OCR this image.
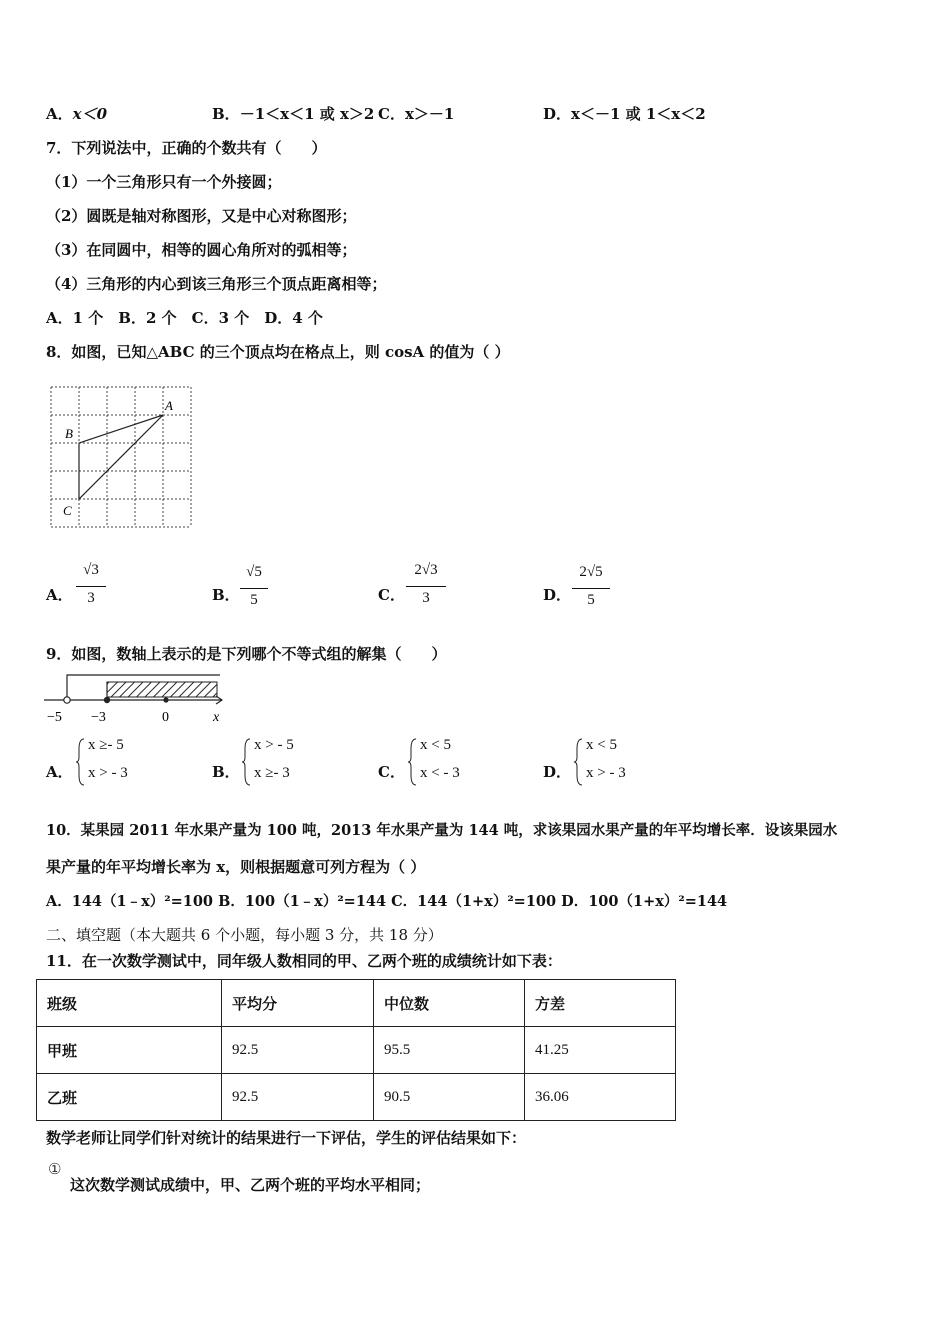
A．x＜0	B．－1＜x＜1 或 x＞2 C．x＞－1	D．x＜－1 或 1＜x＜2
7．下列说法中，正确的个数共有（　　）
（1）一个三角形只有一个外接圆；
（2）圆既是轴对称图形，又是中心对称图形；
（3）在同圆中，相等的圆心角所对的弧相等；
（4）三角形的内心到该三角形三个顶点距离相等；
A．1 个　B．2 个　C．3 个　D．4 个
8．如图，已知△ABC 的三个顶点均在格点上，则 cosA 的值为（ ）
A
B
C
A．
√3
3	B．
√5
5	C．
2√3
3	D．
2√5
5
9．如图，数轴上表示的是下列哪个不等式组的解集（　　）
−5 −3	0	x
A．
x ≥- 5
x > - 3	B．
x > - 5
x ≥- 3	C．
x < 5
x < - 3	D．
x < 5
x > - 3
10．某果园 2011 年水果产量为 100 吨，2013 年水果产量为 144 吨，求该果园水果产量的年平均增长率．设该果园水
果产量的年平均增长率为 x，则根据题意可列方程为（ ）
A．144（1﹣x）²=100 B．100（1﹣x）²=144 C．144（1+x）²=100 D．100（1+x）²=144
二、填空题（本大题共 6 个小题，每小题 3 分，共 18 分）
11．在一次数学测试中，同年级人数相同的甲、乙两个班的成绩统计如下表：
班级	平均分	中位数	方差
甲班	92.5	95.5	41.25
乙班	92.5	90.5	36.06
数学老师让同学们针对统计的结果进行一下评估，学生的评估结果如下：
①
这次数学测试成绩中，甲、乙两个班的平均水平相同；
